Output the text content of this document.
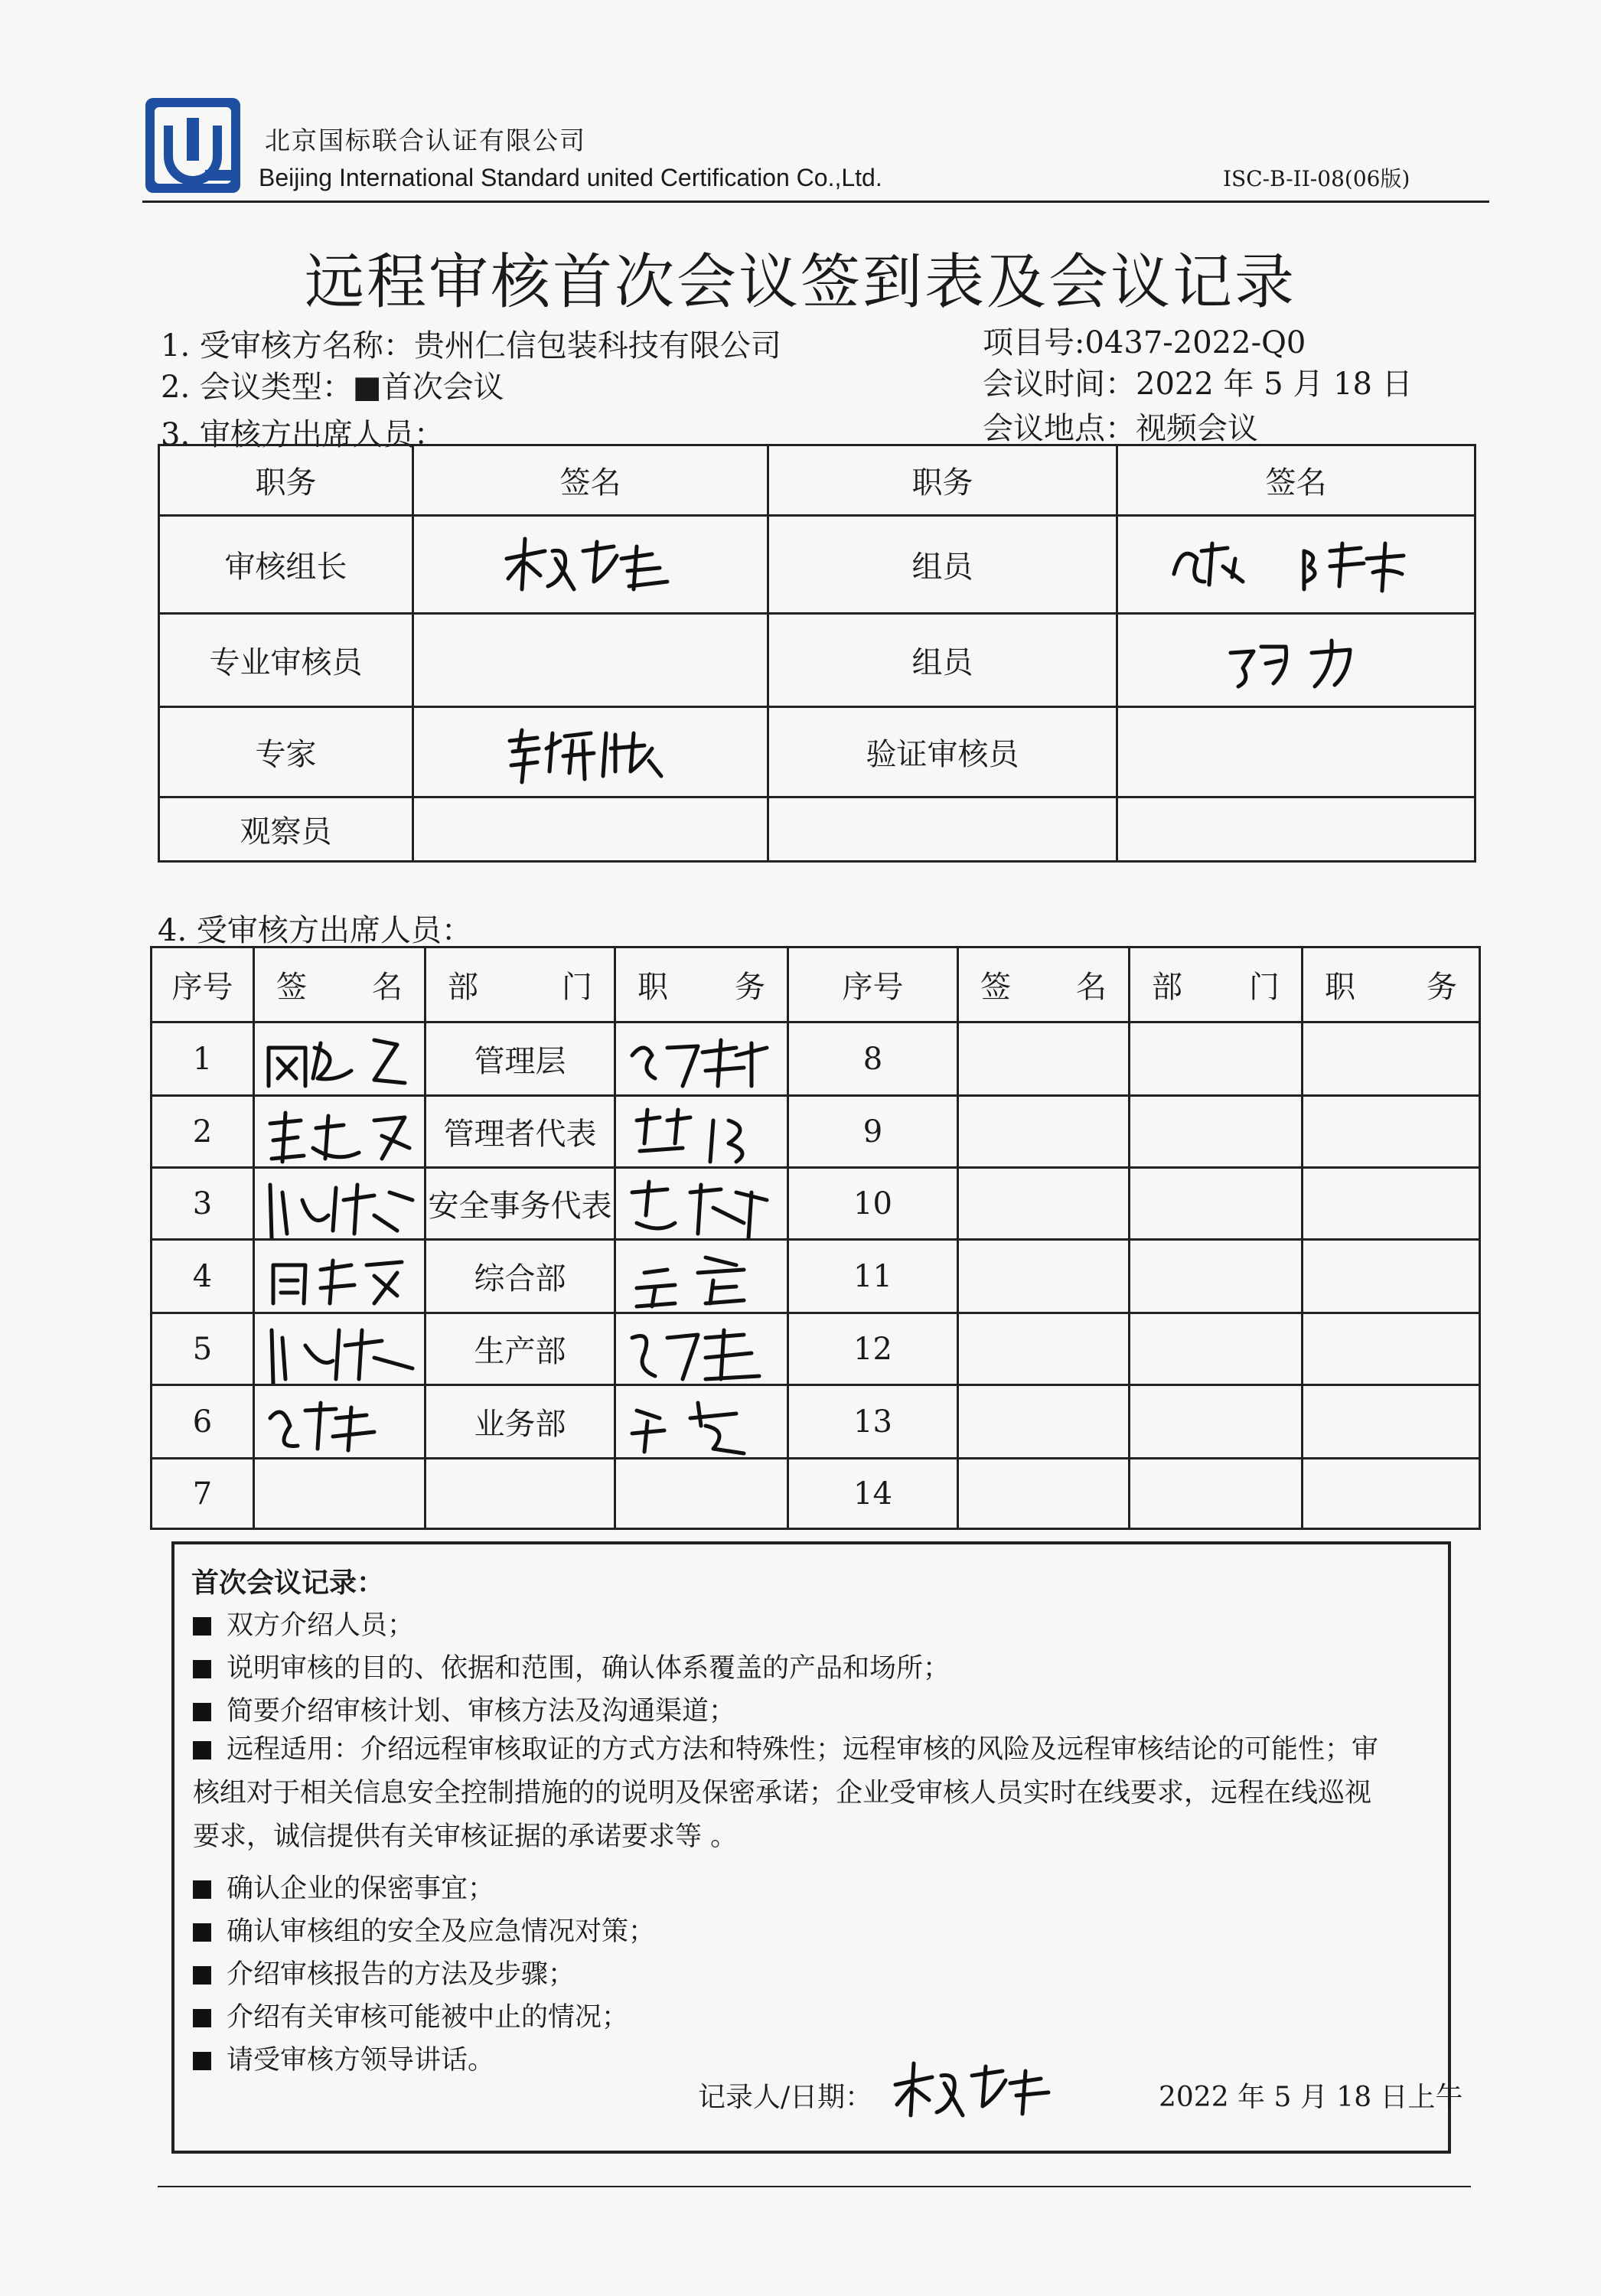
北京国标联合认证有限公司
Beijing International Standard united Certification Co.,Ltd.	ISC-B-II-08(06版)
远程审核首次会议签到表及会议记录
1. 受审核方名称：贵州仁信包装科技有限公司	项目号:0437-2022-Q0
2. 会议类型：■首次会议	会议时间：2022 年 5 月 18 日
3. 审核方出席人员：	会议地点：视频会议
职务	签名	职务	签名
审核组长		组员	

专业审核员		组员	

专家		验证审核员	
观察员			
4. 受审核方出席人员：
序号	签 名	部 门	职 务	序号	签 名	部 门	职 务

1		管理层		8			
2		管理者代表		9			
3		安全事务代表		10			
4		综合部		11			
5		生产部		12			
6		业务部		13			
7				14			
首次会议记录：
双方介绍人员；
说明审核的目的、依据和范围，确认体系覆盖的产品和场所；
简要介绍审核计划、审核方法及沟通渠道；
远程适用：介绍远程审核取证的方式方法和特殊性；远程审核的风险及远程审核结论的可能性；审
核组对于相关信息安全控制措施的的说明及保密承诺；企业受审核人员实时在线要求，远程在线巡视
要求，诚信提供有关审核证据的承诺要求等 。
确认企业的保密事宜；
确认审核组的安全及应急情况对策；
介绍审核报告的方法及步骤；
介绍有关审核可能被中止的情况；
请受审核方领导讲话。
记录人/日期：	2022 年 5 月 18 日上午
